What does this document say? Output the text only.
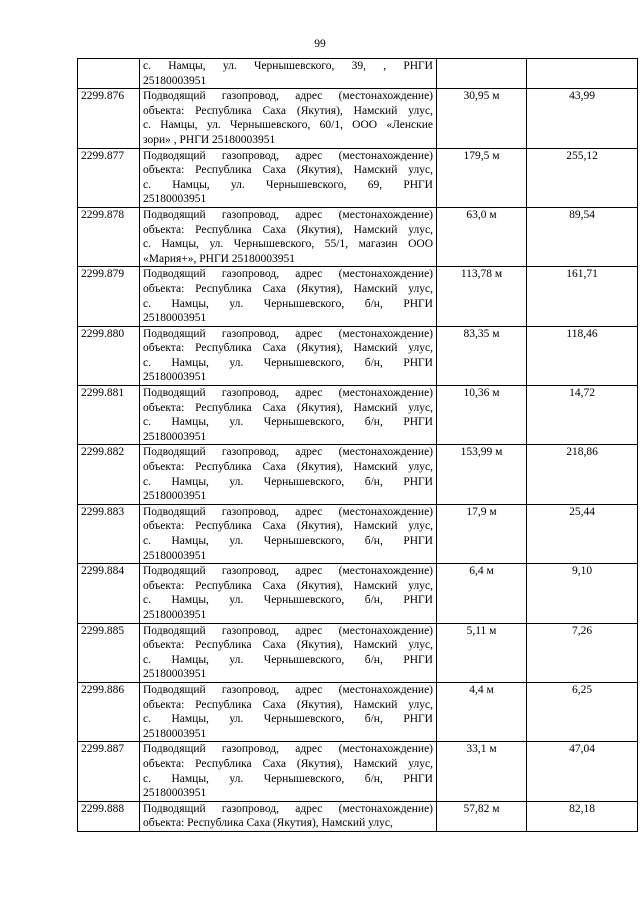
99

	с. Намцы, ул. Чернышевского, 39, , РНГИ
25180003951		

2299.876	Подводящий газопровод, адрес (местонахождение)
объекта: Республика Саха (Якутия), Намский улус,
с. Намцы, ул. Чернышевского, 60/1, ООО «Ленские
зори» , РНГИ 25180003951	30,95 м	43,99
2299.877	Подводящий газопровод, адрес (местонахождение)
объекта: Республика Саха (Якутия), Намский улус,
с. Намцы, ул. Чернышевского, 69, РНГИ
25180003951	179,5 м	255,12
2299.878	Подводящий газопровод, адрес (местонахождение)
объекта: Республика Саха (Якутия), Намский улус,
с. Намцы, ул. Чернышевского, 55/1, магазин ООО
«Мария+», РНГИ 25180003951	63,0 м	89,54
2299.879	Подводящий газопровод, адрес (местонахождение)
объекта: Республика Саха (Якутия), Намский улус,
с. Намцы, ул. Чернышевского, б/н, РНГИ
25180003951	113,78 м	161,71
2299.880	Подводящий газопровод, адрес (местонахождение)
объекта: Республика Саха (Якутия), Намский улус,
с. Намцы, ул. Чернышевского, б/н, РНГИ
25180003951	83,35 м	118,46
2299.881	Подводящий газопровод, адрес (местонахождение)
объекта: Республика Саха (Якутия), Намский улус,
с. Намцы, ул. Чернышевского, б/н, РНГИ
25180003951	10,36 м	14,72
2299.882	Подводящий газопровод, адрес (местонахождение)
объекта: Республика Саха (Якутия), Намский улус,
с. Намцы, ул. Чернышевского, б/н, РНГИ
25180003951	153,99 м	218,86
2299.883	Подводящий газопровод, адрес (местонахождение)
объекта: Республика Саха (Якутия), Намский улус,
с. Намцы, ул. Чернышевского, б/н, РНГИ
25180003951	17,9 м	25,44
2299.884	Подводящий газопровод, адрес (местонахождение)
объекта: Республика Саха (Якутия), Намский улус,
с. Намцы, ул. Чернышевского, б/н, РНГИ
25180003951	6,4 м	9,10
2299.885	Подводящий газопровод, адрес (местонахождение)
объекта: Республика Саха (Якутия), Намский улус,
с. Намцы, ул. Чернышевского, б/н, РНГИ
25180003951	5,11 м	7,26
2299.886	Подводящий газопровод, адрес (местонахождение)
объекта: Республика Саха (Якутия), Намский улус,
с. Намцы, ул. Чернышевского, б/н, РНГИ
25180003951	4,4 м	6,25
2299.887	Подводящий газопровод, адрес (местонахождение)
объекта: Республика Саха (Якутия), Намский улус,
с. Намцы, ул. Чернышевского, б/н, РНГИ
25180003951	33,1 м	47,04
2299.888	Подводящий газопровод, адрес (местонахождение)
объекта: Республика Саха (Якутия), Намский улус,	57,82 м	82,18
